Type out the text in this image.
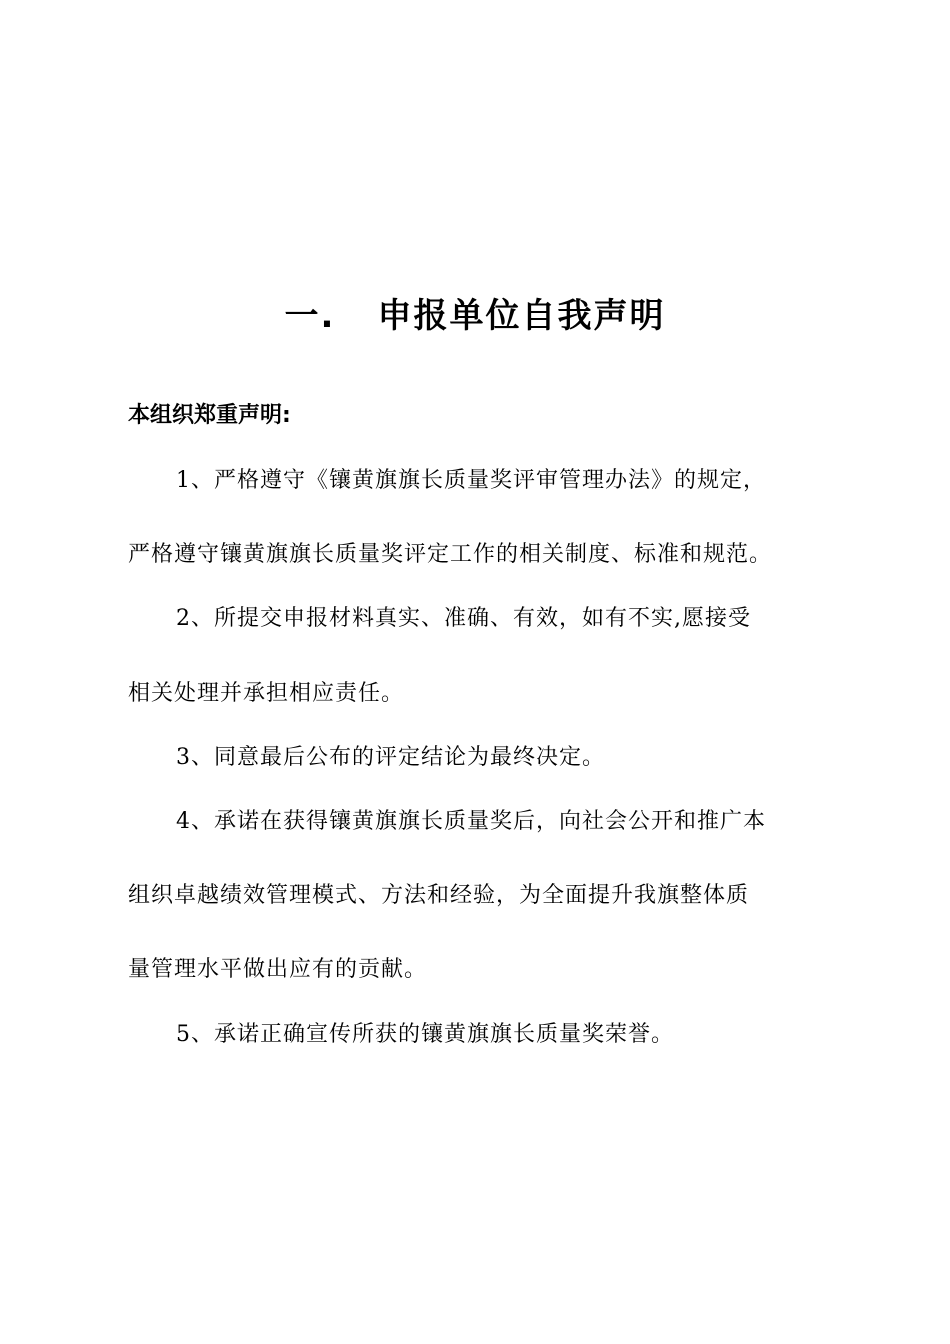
一. 申报单位自我声明
本组织郑重声明:
1、严格遵守《镶黄旗旗长质量奖评审管理办法》的规定，
严格遵守镶黄旗旗长质量奖评定工作的相关制度、标准和规范。
2、所提交申报材料真实、准确、有效，如有不实,愿接受
相关处理并承担相应责任。
3、同意最后公布的评定结论为最终决定。
4、承诺在获得镶黄旗旗长质量奖后，向社会公开和推广本
组织卓越绩效管理模式、方法和经验，为全面提升我旗整体质
量管理水平做出应有的贡献。
5、承诺正确宣传所获的镶黄旗旗长质量奖荣誉。
